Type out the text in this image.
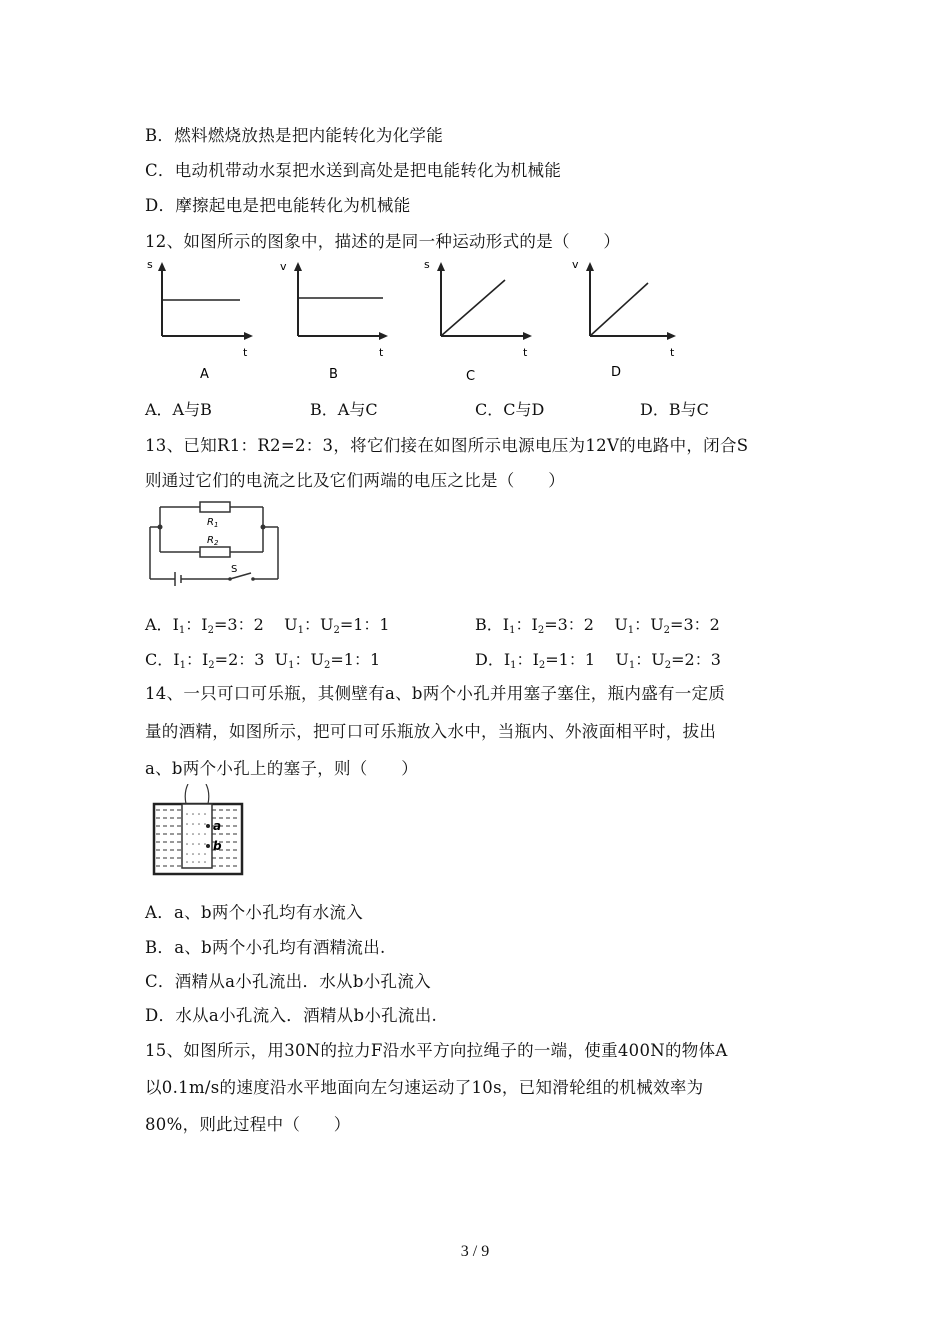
B．燃料燃烧放热是把内能转化为化学能
C．电动机带动水泵把水送到高处是把电能转化为机械能
D．摩擦起电是把电能转化为机械能
12、如图所示的图象中，描述的是同一种运动形式的是（　　）
s
t
A
v
t
B
s
t
C
v
t
D
A．A与B	B．A与C	C．C与D	D．B与C
13、已知R1：R2=2：3，将它们接在如图所示电源电压为12V的电路中，闭合S
则通过它们的电流之比及它们两端的电压之比是（　　）
$R_1$
$R_2$
S
A．$I_1$：$I_2=3$：2 $U_1$：$U_2=1$：1	B．$I_1$：$I_2=3$：2 $U_1$：$U_2=3$：2
C．$I_1$：$I_2=2$：3 $U_1$：$U_2=1$：1	D．$I_1$：$I_2=1$：1 $U_1$：$U_2=2$：3
14、一只可口可乐瓶，其侧壁有a、b两个小孔并用塞子塞住，瓶内盛有一定质
量的酒精，如图所示，把可口可乐瓶放入水中，当瓶内、外液面相平时，拔出
a、b两个小孔上的塞子，则（　　）
a
b
A．a、b两个小孔均有水流入
B．a、b两个小孔均有酒精流出.
C．酒精从a小孔流出．水从b小孔流入
D．水从a小孔流入．酒精从b小孔流出.
15、如图所示，用30N的拉力F沿水平方向拉绳子的一端，使重400N的物体A
以0.1m/s的速度沿水平地面向左匀速运动了10s，已知滑轮组的机械效率为
80%，则此过程中（　　）
3 / 9
